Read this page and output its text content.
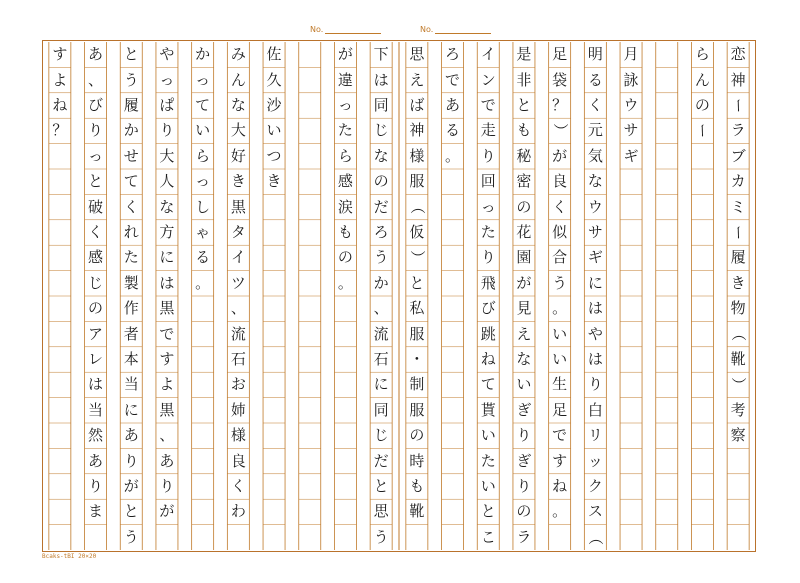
No.	No.
恋
神
ー
ラ
ブ
カ
ミ
ー
履
き
物
（
靴
）
考
察
ら
ん
の
ー
月
詠
ウ
サ
ギ
明
る
く
元
気
な
ウ
サ
ギ
に
は
や
は
り
白
リ
ッ
ク
ス
（
足
袋
？
）
が
良
く
似
合
う
。
い
い
生
足
で
す
ね
。
是
非
と
も
秘
密
の
花
園
が
見
え
な
い
ぎ
り
ぎ
り
の
ラ
イ
ン
で
走
り
回
っ
た
り
飛
び
跳
ね
て
貰
い
た
い
と
こ
ろ
で
あ
る
。
思
え
ば
神
様
服
（
仮
）
と
私
服
・
制
服
の
時
も
靴
下
は
同
じ
な
の
だ
ろ
う
か
、
流
石
に
同
じ
だ
と
思
う
が
違
っ
た
ら
感
涙
も
の
。
佐
久
沙
い
つ
き
み
ん
な
大
好
き
黒
タ
イ
ツ
、
流
石
お
姉
様
良
く
わ
か
っ
て
い
ら
っ
し
ゃ
る
。
や
っ
ぱ
り
大
人
な
方
に
は
黒
で
す
よ
黒
、
あ
り
が
と
う
履
か
せ
て
く
れ
た
製
作
者
本
当
に
あ
り
が
と
う
あ
、
び
り
っ
と
破
く
感
じ
の
ア
レ
は
当
然
あ
り
ま
す
よ
ね
？
Bcaks-tBI 20×20
